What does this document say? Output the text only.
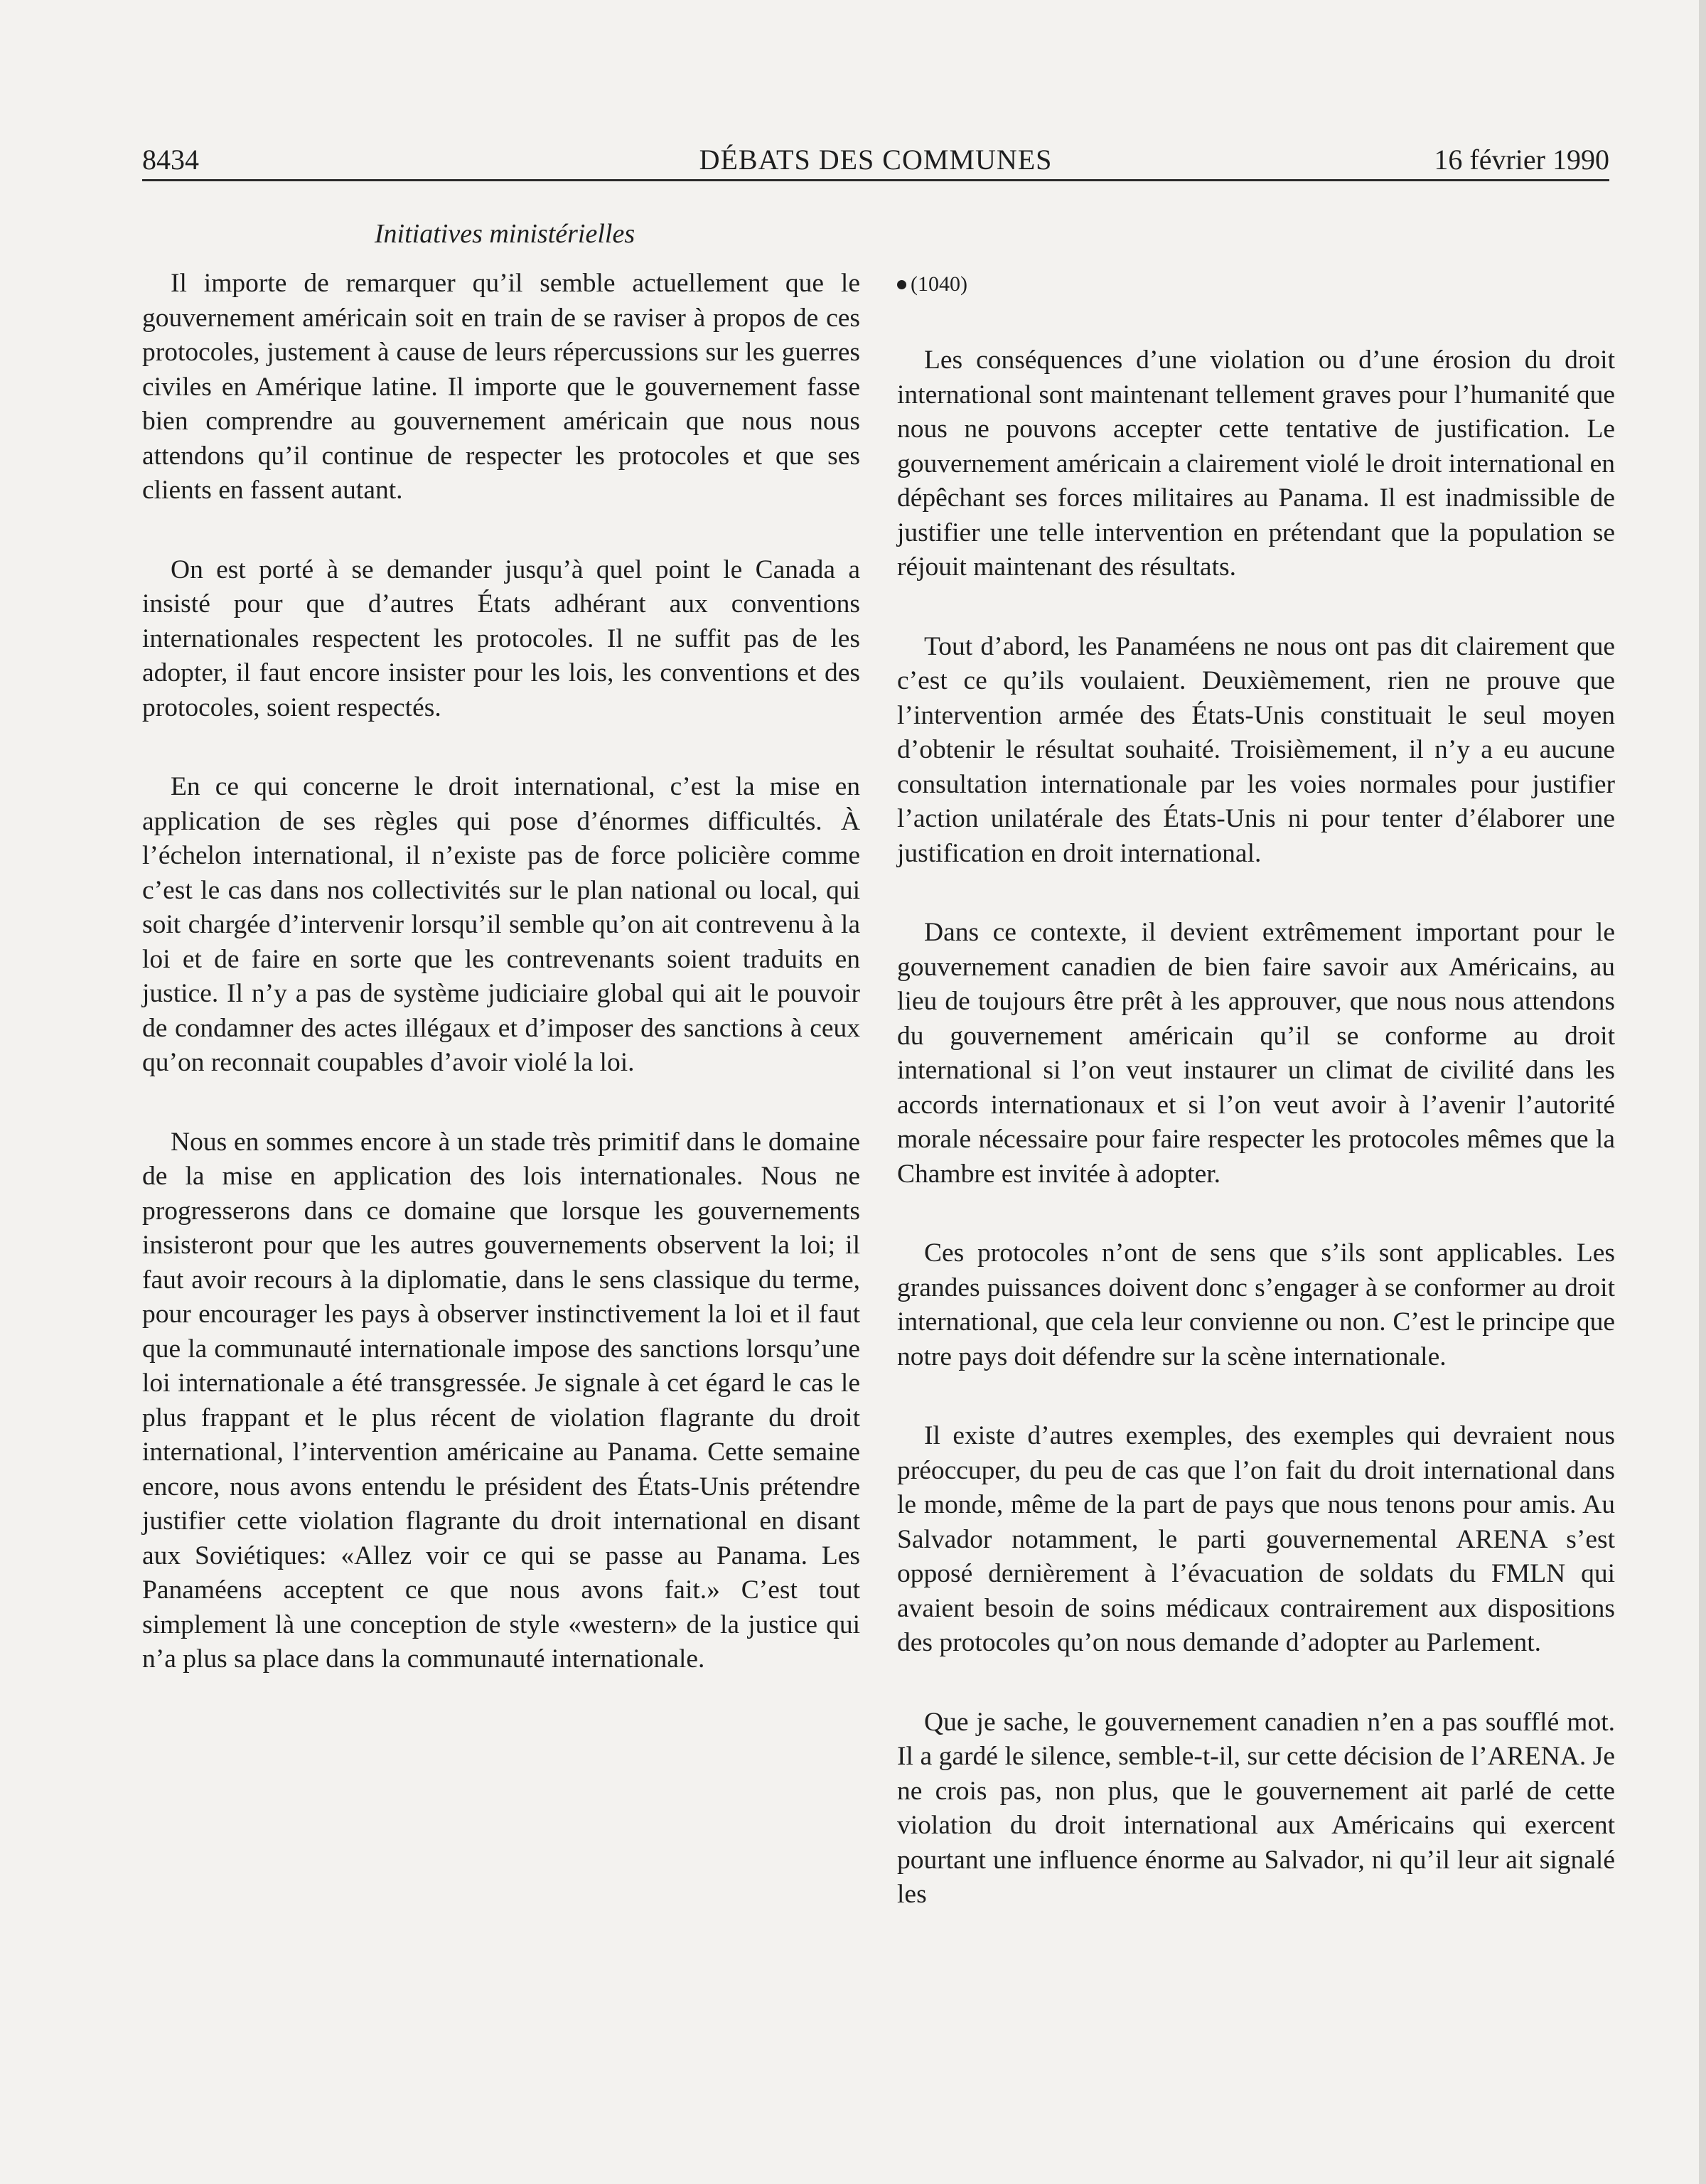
8434	DÉBATS DES COMMUNES	16 février 1990
Initiatives ministérielles

Il importe de remarquer qu’il semble actuellement que le gouvernement américain soit en train de se raviser à propos de ces protocoles, justement à cause de leurs répercussions sur les guerres civiles en Amérique latine. Il importe que le gouvernement fasse bien comprendre au gouvernement américain que nous nous attendons qu’il continue de respecter les protocoles et que ses clients en fassent autant.

On est porté à se demander jusqu’à quel point le Canada a insisté pour que d’autres États adhérant aux conventions internationales respectent les protocoles. Il ne suffit pas de les adopter, il faut encore insister pour les lois, les conventions et des protocoles, soient respectés.

En ce qui concerne le droit international, c’est la mise en application de ses règles qui pose d’énormes difficultés. À l’échelon international, il n’existe pas de force policière comme c’est le cas dans nos collectivités sur le plan national ou local, qui soit chargée d’intervenir lorsqu’il semble qu’on ait contrevenu à la loi et de faire en sorte que les contrevenants soient traduits en justice. Il n’y a pas de système judiciaire global qui ait le pouvoir de condamner des actes illégaux et d’imposer des sanctions à ceux qu’on reconnait coupables d’avoir violé la loi.

Nous en sommes encore à un stade très primitif dans le domaine de la mise en application des lois internationales. Nous ne progresserons dans ce domaine que lorsque les gouvernements insisteront pour que les autres gouvernements observent la loi; il faut avoir recours à la diplomatie, dans le sens classique du terme, pour encourager les pays à observer instinctivement la loi et il faut que la communauté internationale impose des sanctions lorsqu’une loi internationale a été transgressée. Je signale à cet égard le cas le plus frappant et le plus récent de violation flagrante du droit international, l’intervention américaine au Panama. Cette semaine encore, nous avons entendu le président des États-Unis prétendre justifier cette violation flagrante du droit international en disant aux Soviétiques: «Allez voir ce qui se passe au Panama. Les Panaméens acceptent ce que nous avons fait.» C’est tout simplement là une conception de style «western» de la justice qui n’a plus sa place dans la communauté internationale.

(1040)

Les conséquences d’une violation ou d’une érosion du droit international sont maintenant tellement graves pour l’humanité que nous ne pouvons accepter cette tentative de justification. Le gouvernement américain a clairement violé le droit international en dépêchant ses forces militaires au Panama. Il est inadmissible de justifier une telle intervention en prétendant que la population se réjouit maintenant des résultats.

Tout d’abord, les Panaméens ne nous ont pas dit clairement que c’est ce qu’ils voulaient. Deuxièmement, rien ne prouve que l’intervention armée des États-Unis constituait le seul moyen d’obtenir le résultat souhaité. Troisièmement, il n’y a eu aucune consultation internationale par les voies normales pour justifier l’action unilatérale des États-Unis ni pour tenter d’élaborer une justification en droit international.

Dans ce contexte, il devient extrêmement important pour le gouvernement canadien de bien faire savoir aux Américains, au lieu de toujours être prêt à les approuver, que nous nous attendons du gouvernement américain qu’il se conforme au droit international si l’on veut instaurer un climat de civilité dans les accords internationaux et si l’on veut avoir à l’avenir l’autorité morale nécessaire pour faire respecter les protocoles mêmes que la Chambre est invitée à adopter.

Ces protocoles n’ont de sens que s’ils sont applicables. Les grandes puissances doivent donc s’engager à se conformer au droit international, que cela leur convienne ou non. C’est le principe que notre pays doit défendre sur la scène internationale.

Il existe d’autres exemples, des exemples qui devraient nous préoccuper, du peu de cas que l’on fait du droit international dans le monde, même de la part de pays que nous tenons pour amis. Au Salvador notamment, le parti gouvernemental ARENA s’est opposé dernièrement à l’évacuation de soldats du FMLN qui avaient besoin de soins médicaux contrairement aux dispositions des protocoles qu’on nous demande d’adopter au Parlement.

Que je sache, le gouvernement canadien n’en a pas soufflé mot. Il a gardé le silence, semble-t-il, sur cette décision de l’ARENA. Je ne crois pas, non plus, que le gouvernement ait parlé de cette violation du droit international aux Américains qui exercent pourtant une influence énorme au Salvador, ni qu’il leur ait signalé les
